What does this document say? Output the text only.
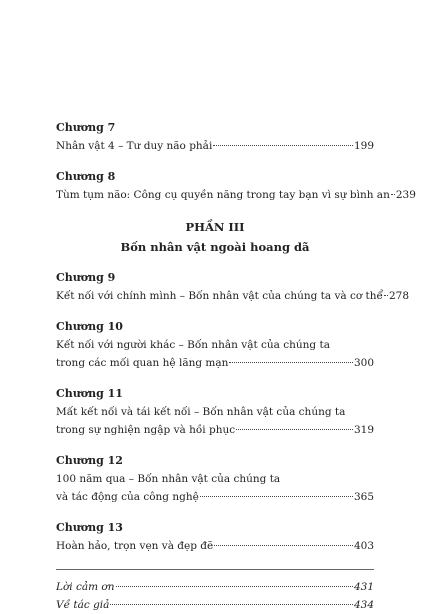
Chương 7
Nhân vật 4 – Tư duy não phải	199
Chương 8
Tùm tụm não: Công cụ quyền năng trong tay bạn vì sự bình an 239
PHẦN III
Bốn nhân vật ngoài hoang dã
Chương 9
Kết nối với chính mình – Bốn nhân vật của chúng ta và cơ thể 278
Chương 10
Kết nối với người khác – Bốn nhân vật của chúng ta
trong các mối quan hệ lãng mạn	300
Chương 11
Mất kết nối và tái kết nối – Bốn nhân vật của chúng ta
trong sự nghiện ngập và hồi phục	319
Chương 12
100 năm qua – Bốn nhân vật của chúng ta
và tác động của công nghệ	365
Chương 13
Hoàn hảo, trọn vẹn và đẹp đẽ	403
Lời cảm ơn	431
Về tác giả	434
